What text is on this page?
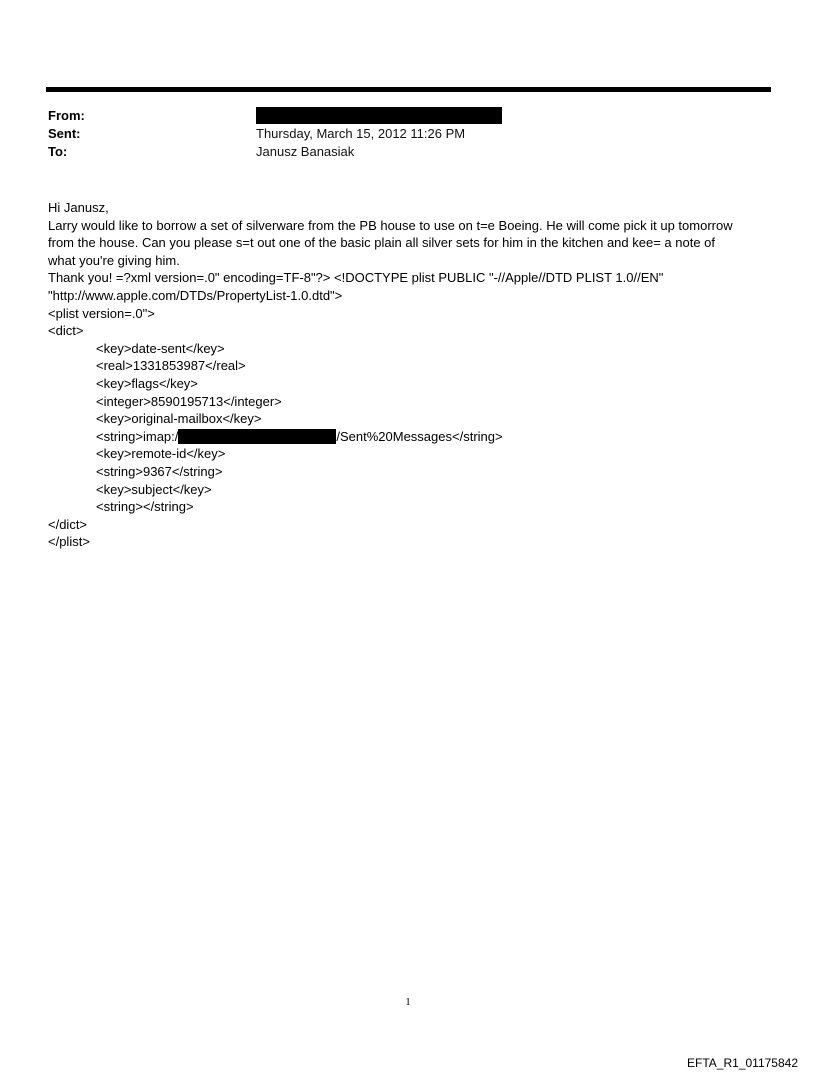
From:
Sent:	Thursday, March 15, 2012 11:26 PM
To:	Janusz Banasiak
Hi Janusz,
Larry would like to borrow a set of silverware from the PB house to use on t=e Boeing. He will come pick it up tomorrow
from the house. Can you please s=t out one of the basic plain all silver sets for him in the kitchen and kee= a note of
what you're giving him.
Thank you! =?xml version=.0" encoding=TF-8"?> <!DOCTYPE plist PUBLIC "-//Apple//DTD PLIST 1.0//EN"
"http://www.apple.com/DTDs/PropertyList-1.0.dtd">
<plist version=.0">
<dict>
<key>date-sent</key>
<real>1331853987</real>
<key>flags</key>
<integer>8590195713</integer>
<key>original-mailbox</key>
<string>imap:/	/Sent%20Messages</string>
<key>remote-id</key>
<string>9367</string>
<key>subject</key>
<string></string>
</dict>
</plist>
1
EFTA_R1_01175842
